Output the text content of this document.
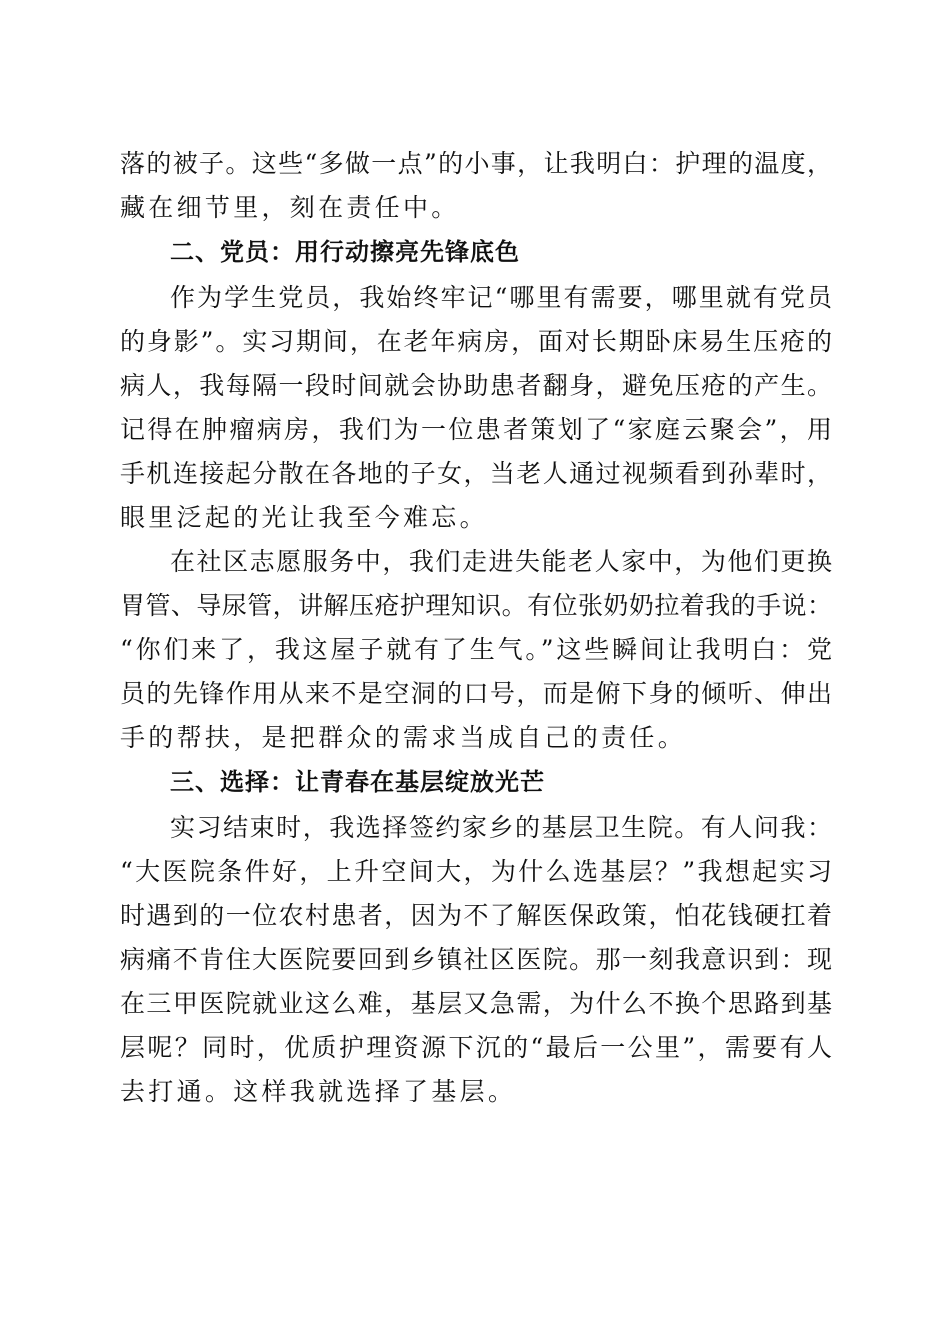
落的被子。这些“多做一点”的小事，让我明白：护理的温度，
藏在细节里，刻在责任中。
二、党员：用行动擦亮先锋底色
作为学生党员，我始终牢记“哪里有需要，哪里就有党员
的身影”。实习期间，在老年病房，面对长期卧床易生压疮的
病人，我每隔一段时间就会协助患者翻身，避免压疮的产生。
记得在肿瘤病房，我们为一位患者策划了“家庭云聚会”，用
手机连接起分散在各地的子女，当老人通过视频看到孙辈时，
眼里泛起的光让我至今难忘。
在社区志愿服务中，我们走进失能老人家中，为他们更换
胃管、导尿管，讲解压疮护理知识。有位张奶奶拉着我的手说：
“你们来了，我这屋子就有了生气。”这些瞬间让我明白：党
员的先锋作用从来不是空洞的口号，而是俯下身的倾听、伸出
手的帮扶，是把群众的需求当成自己的责任。
三、选择：让青春在基层绽放光芒
实习结束时，我选择签约家乡的基层卫生院。有人问我：
“大医院条件好，上升空间大，为什么选基层？”我想起实习
时遇到的一位农村患者，因为不了解医保政策，怕花钱硬扛着
病痛不肯住大医院要回到乡镇社区医院。那一刻我意识到：现
在三甲医院就业这么难，基层又急需，为什么不换个思路到基
层呢？同时，优质护理资源下沉的“最后一公里”，需要有人
去打通。这样我就选择了基层。
